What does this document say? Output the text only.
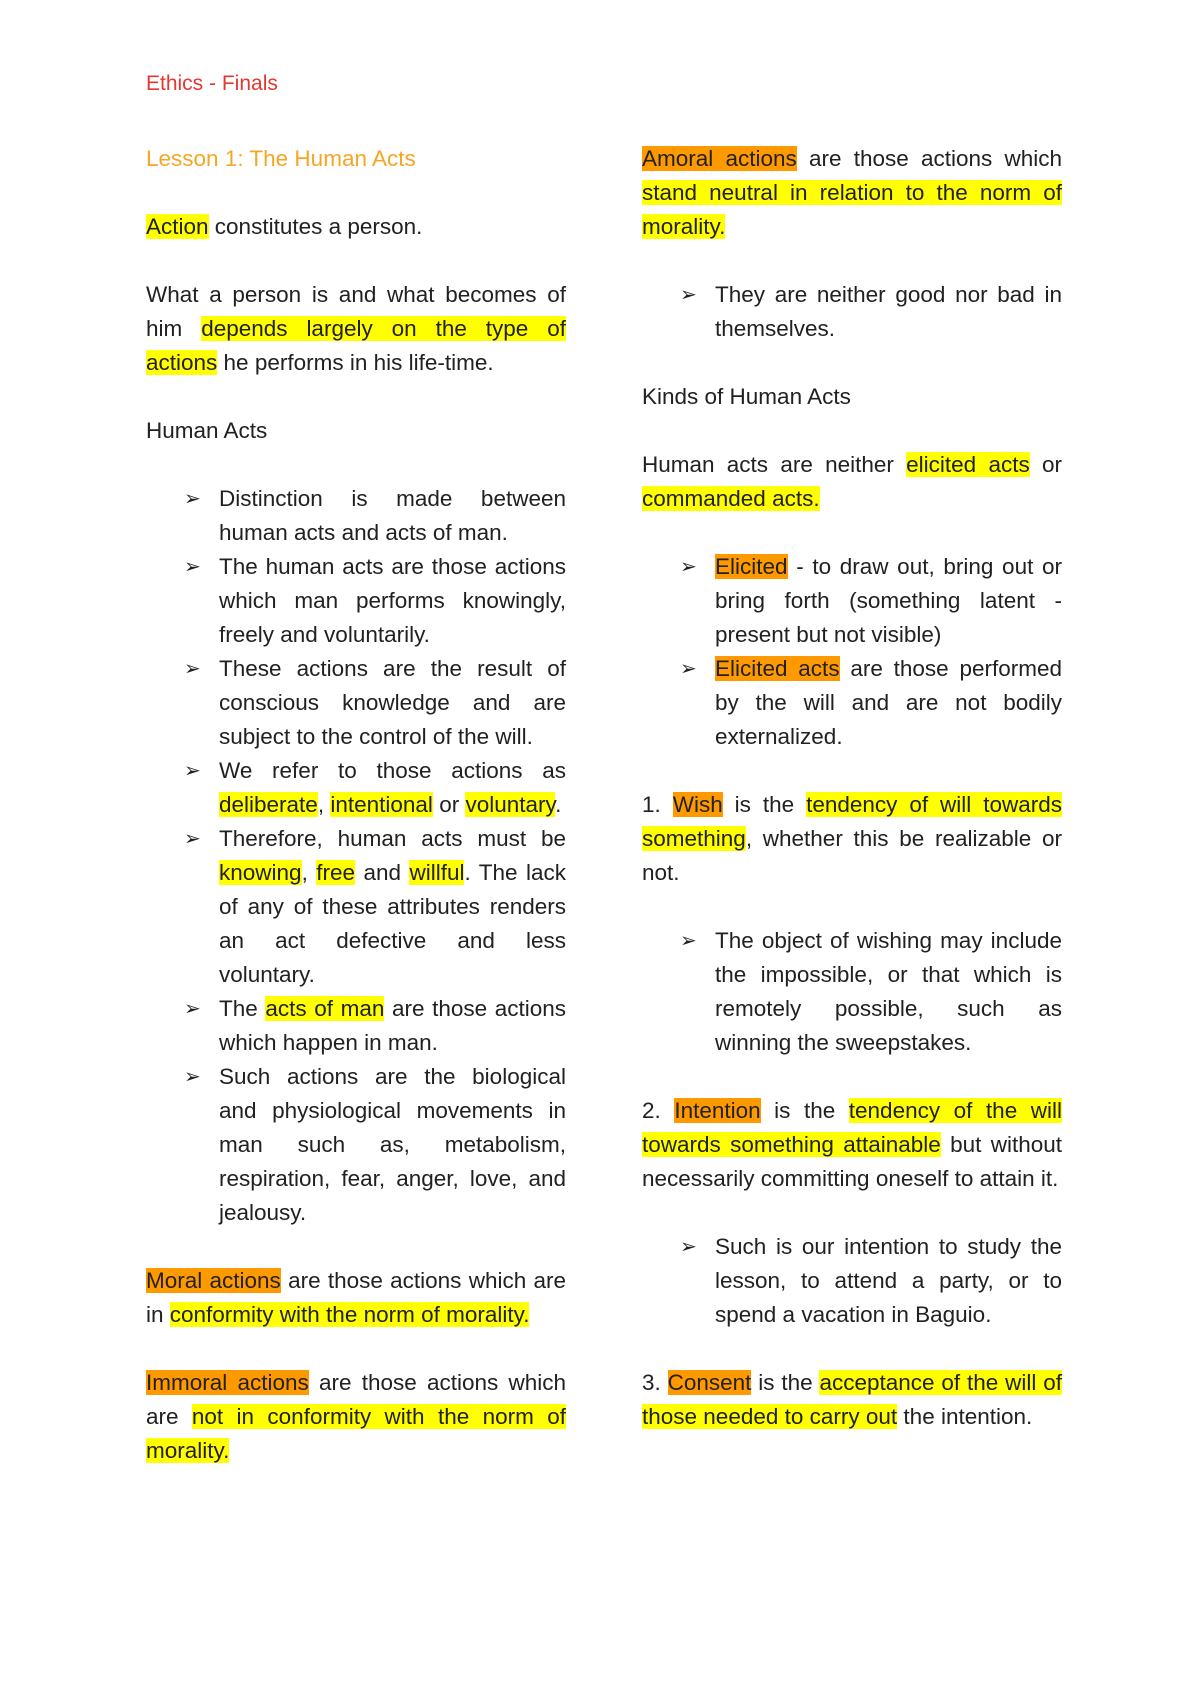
Ethics - Finals
Lesson 1: The Human Acts

Action constitutes a person.

What a person is and what becomes of him depends largely on the type of actions he performs in his life-time.

Human Acts

➢ Distinction is made between human acts and acts of man.
➢ The human acts are those actions which man performs knowingly, freely and voluntarily.
➢ These actions are the result of conscious knowledge and are subject to the control of the will.
➢ We refer to those actions as deliberate, intentional or voluntary.
➢ Therefore, human acts must be knowing, free and willful. The lack of any of these attributes renders an act defective and less voluntary.
➢ The acts of man are those actions which happen in man.
➢ Such actions are the biological and physiological movements in man such as, metabolism, respiration, fear, anger, love, and jealousy.

Moral actions are those actions which are in conformity with the norm of morality.

Immoral actions are those actions which are not in conformity with the norm of morality.

Amoral actions are those actions which stand neutral in relation to the norm of morality.

➢ They are neither good nor bad in themselves.

Kinds of Human Acts

Human acts are neither elicited acts or commanded acts.

➢ Elicited - to draw out, bring out or bring forth (something latent - present but not visible)
➢ Elicited acts are those performed by the will and are not bodily externalized.

1. Wish is the tendency of will towards something, whether this be realizable or not.

➢ The object of wishing may include the impossible, or that which is remotely possible, such as winning the sweepstakes.

2. Intention is the tendency of the will towards something attainable but without necessarily committing oneself to attain it.

➢ Such is our intention to study the lesson, to attend a party, or to spend a vacation in Baguio.

3. Consent is the acceptance of the will of those needed to carry out the intention.
